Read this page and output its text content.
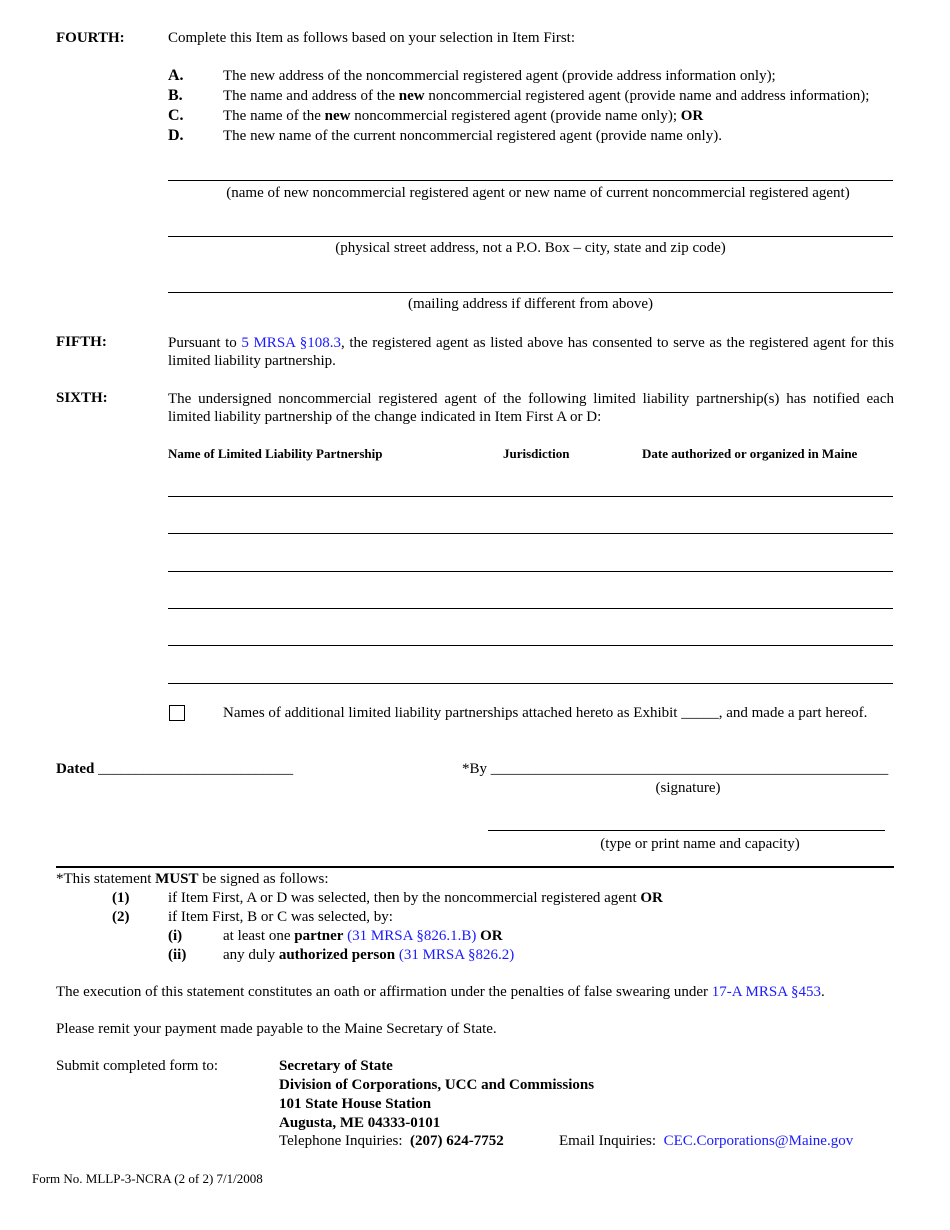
FOURTH:	Complete this Item as follows based on your selection in Item First:
A.	The new address of the noncommercial registered agent (provide address information only);
B.	The name and address of the new noncommercial registered agent (provide name and address information);
C.	The name of the new noncommercial registered agent (provide name only); OR
D.	The new name of the current noncommercial registered agent (provide name only).
(name of new noncommercial registered agent or new name of current noncommercial registered agent)
(physical street address, not a P.O. Box – city, state and zip code)
(mailing address if different from above)
FIFTH:	Pursuant to 5 MRSA §108.3, the registered agent as listed above has consented to serve as the registered agent for this limited liability partnership.
SIXTH:	The undersigned noncommercial registered agent of the following limited liability partnership(s) has notified each limited liability partnership of the change indicated in Item First A or D:
Name of Limited Liability Partnership	Jurisdiction	Date authorized or organized in Maine
Names of additional limited liability partnerships attached hereto as Exhibit _____, and made a part hereof.
Dated __________________________	*By _____________________________________________________
(signature)
(type or print name and capacity)
*This statement MUST be signed as follows:
(1)	if Item First, A or D was selected, then by the noncommercial registered agent OR
(2)	if Item First, B or C was selected, by:
(i)	at least one partner (31 MRSA §826.1.B) OR
(ii) any duly authorized person (31 MRSA §826.2)
The execution of this statement constitutes an oath or affirmation under the penalties of false swearing under 17-A MRSA §453.
Please remit your payment made payable to the Maine Secretary of State.
Submit completed form to:	Secretary of State
Division of Corporations, UCC and Commissions
101 State House Station
Augusta, ME 04333-0101
Telephone Inquiries: (207) 624-7752	Email Inquiries: CEC.Corporations@Maine.gov
Form No. MLLP-3-NCRA (2 of 2) 7/1/2008
